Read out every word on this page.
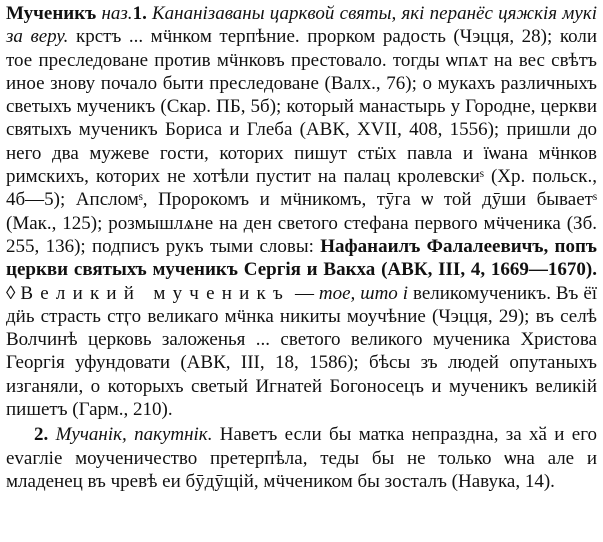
Мученикъ наз.1. Кананізаваны царквой святы, які перанёс цяжкія мукі за веру. крстъ ... мӵнком терпѣние. прорком радость (Чэцця, 28); коли тое преследоване против мӵнковъ престовало. тогды ѡпѧт на вес свѣтъ иное знову почало быти преследоване (Валх., 76); о мукахъ различныхъ светыхъ мученикъ (Скар. ПБ, 5б); который манастырь у Городне, церкви святыхъ мученикъ Бориса и Глеба (АВК, XVII, 408, 1556); пришли до него два мужеве гости, которих пишут стӹх павла и їѡана мӵнков римскихъ, которих не хотѣли пустит на палац кролевскиˢ (Хр. польск., 4б—5); Апсломˢ, Пророкомъ и мӵникомъ, тӯга ѡ той дӯши бываетˢ (Мак., 125); розмышлѧне на ден светого стефана первого мӵченика (Зб. 255, 136); подписъ рукъ тыми словы: Нафанаилъ Фалалеевичъ, попъ церкви святыхъ мученикъ Сергія и Вакха (АВК, III, 4, 1669—1670). ◊ Великий мученикъ — тое, што і великомученикъ. Въ ёї дӥь страсть стӷо великаго мӵнка никиты моучѣние (Чэцця, 29); въ селѣ Волчинѣ церковь заложенья ... светого великого мученика Христова Георгія уфундовати (АВК, III, 18, 1586); бѣсы зъ людей опутаныхъ изганяли, о которыхъ светый Игнатей Богоносецъ и мученикъ великій пишетъ (Гарм., 210).

2. Мучанік, пакутнік. Наветъ если бы матка непраздна, за хӑ и его еvагліе моученичество претерпѣла, теды бы не только ѡна але и младенец въ чревѣ еи бӯдӯщій, мӵчеником бы зосталъ (Навука, 14).
